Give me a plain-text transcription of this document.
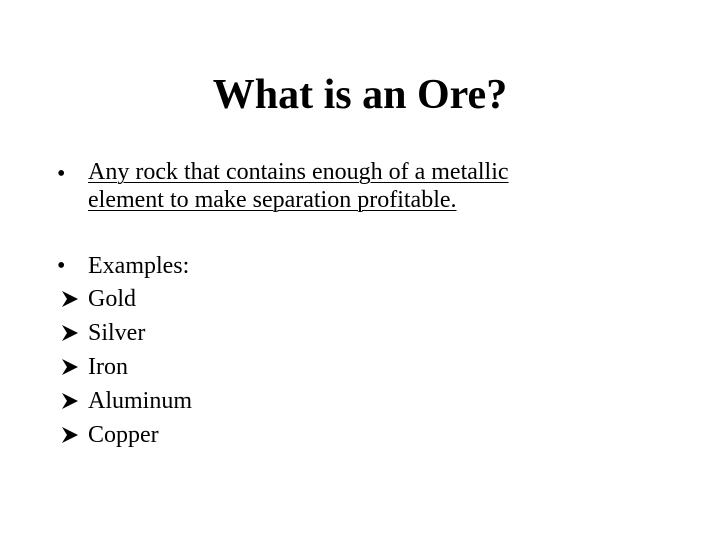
What is an Ore?
• Any rock that contains enough of a metallic element to make separation profitable.
• Examples:
Gold
Silver
Iron
Aluminum
Copper
